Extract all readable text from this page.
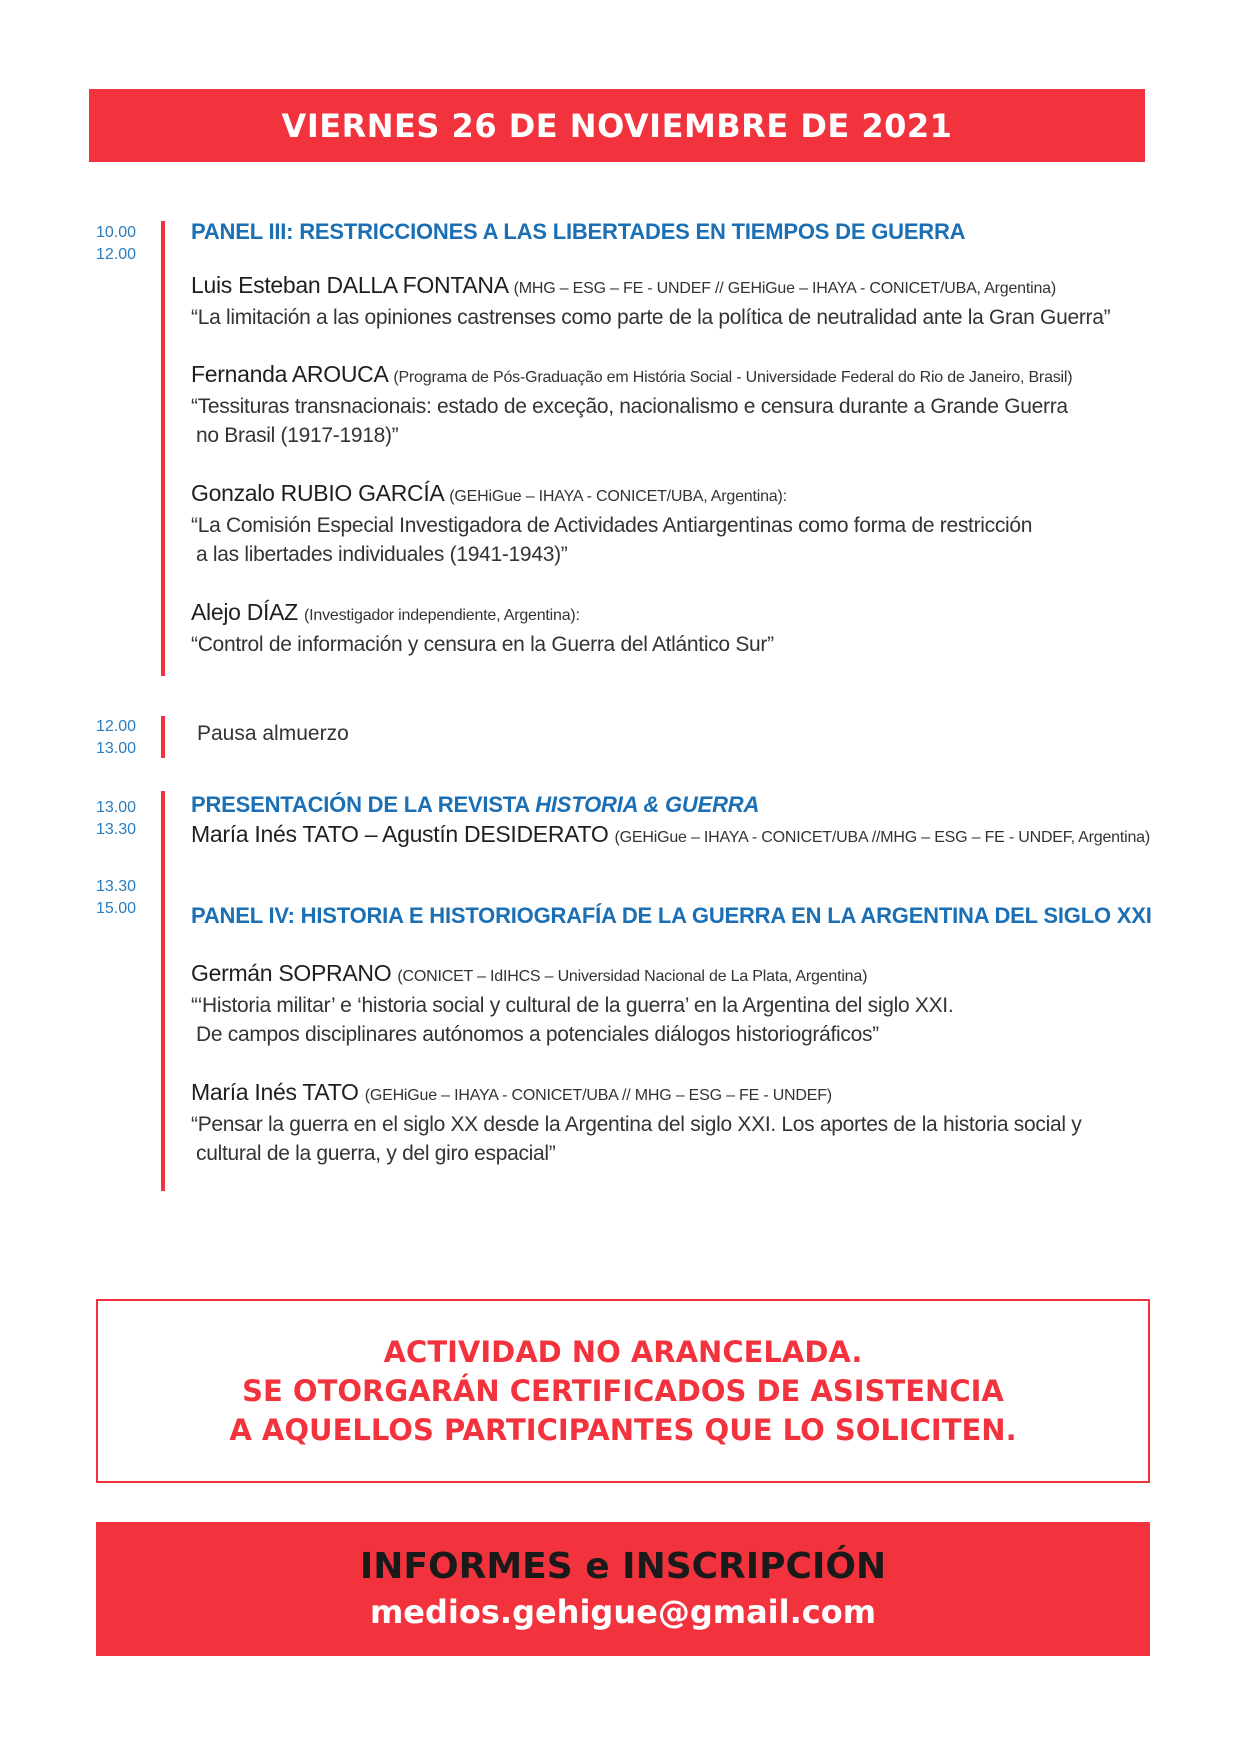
VIERNES 26 DE NOVIEMBRE DE 2021
10.00
12.00
PANEL III: RESTRICCIONES A LAS LIBERTADES EN TIEMPOS DE GUERRA
Luis Esteban DALLA FONTANA (MHG – ESG – FE - UNDEF // GEHiGue – IHAYA - CONICET/UBA, Argentina)
“La limitación a las opiniones castrenses como parte de la política de neutralidad ante la Gran Guerra”
Fernanda AROUCA (Programa de Pós-Graduação em História Social - Universidade Federal do Rio de Janeiro, Brasil)
“Tessituras transnacionais: estado de exceção, nacionalismo e censura durante a Grande Guerra
no Brasil (1917-1918)”
Gonzalo RUBIO GARCÍA (GEHiGue – IHAYA - CONICET/UBA, Argentina):
“La Comisión Especial Investigadora de Actividades Antiargentinas como forma de restricción
a las libertades individuales (1941-1943)”
Alejo DÍAZ (Investigador independiente, Argentina):
“Control de información y censura en la Guerra del Atlántico Sur”
12.00
13.00
Pausa almuerzo
13.00
13.30
13.30
15.00
PRESENTACIÓN DE LA REVISTA HISTORIA & GUERRA
María Inés TATO – Agustín DESIDERATO (GEHiGue – IHAYA - CONICET/UBA //MHG – ESG – FE - UNDEF, Argentina)
PANEL IV: HISTORIA E HISTORIOGRAFÍA DE LA GUERRA EN LA ARGENTINA DEL SIGLO XXI
Germán SOPRANO (CONICET – IdIHCS – Universidad Nacional de La Plata, Argentina)
“‘Historia militar’ e ‘historia social y cultural de la guerra’ en la Argentina del siglo XXI.
De campos disciplinares autónomos a potenciales diálogos historiográficos”
María Inés TATO (GEHiGue – IHAYA - CONICET/UBA // MHG – ESG – FE - UNDEF)
“Pensar la guerra en el siglo XX desde la Argentina del siglo XXI. Los aportes de la historia social y
cultural de la guerra, y del giro espacial”
ACTIVIDAD NO ARANCELADA.
SE OTORGARÁN CERTIFICADOS DE ASISTENCIA
A AQUELLOS PARTICIPANTES QUE LO SOLICITEN.
INFORMES e INSCRIPCIÓN
medios.gehigue@gmail.com
